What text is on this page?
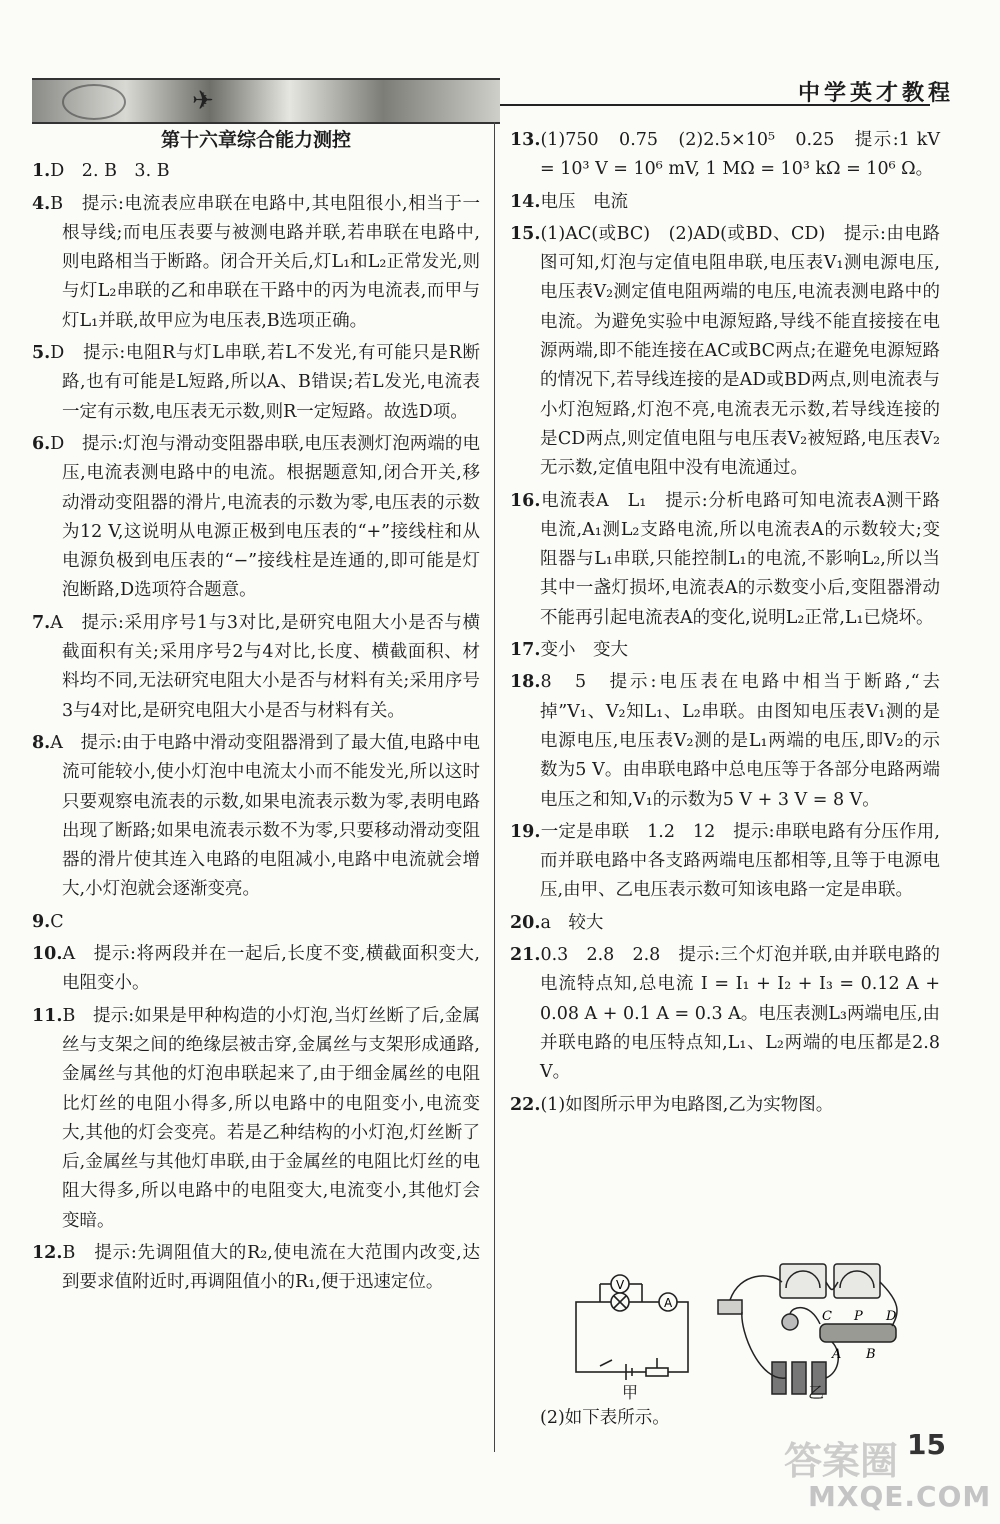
✈	中学英才教程
第十六章综合能力测控
1.D　2. B　3. B
4.B　提示:电流表应串联在电路中,其电阻很小,相当于一根导线;而电压表要与被测电路并联,若串联在电路中,则电路相当于断路。闭合开关后,灯L₁和L₂正常发光,则与灯L₂串联的乙和串联在干路中的丙为电流表,而甲与灯L₁并联,故甲应为电压表,B选项正确。
5.D　提示:电阻R与灯L串联,若L不发光,有可能只是R断路,也有可能是L短路,所以A、B错误;若L发光,电流表一定有示数,电压表无示数,则R一定短路。故选D项。
6.D　提示:灯泡与滑动变阻器串联,电压表测灯泡两端的电压,电流表测电路中的电流。根据题意知,闭合开关,移动滑动变阻器的滑片,电流表的示数为零,电压表的示数为12 V,这说明从电源正极到电压表的“+”接线柱和从电源负极到电压表的“−”接线柱是连通的,即可能是灯泡断路,D选项符合题意。
7.A　提示:采用序号1与3对比,是研究电阻大小是否与横截面积有关;采用序号2与4对比,长度、横截面积、材料均不同,无法研究电阻大小是否与材料有关;采用序号3与4对比,是研究电阻大小是否与材料有关。
8.A　提示:由于电路中滑动变阻器滑到了最大值,电路中电流可能较小,使小灯泡中电流太小而不能发光,所以这时只要观察电流表的示数,如果电流表示数为零,表明电路出现了断路;如果电流表示数不为零,只要移动滑动变阻器的滑片使其连入电路的电阻减小,电路中电流就会增大,小灯泡就会逐渐变亮。
9.C
10.A　提示:将两段并在一起后,长度不变,横截面积变大,电阻变小。
11.B　提示:如果是甲种构造的小灯泡,当灯丝断了后,金属丝与支架之间的绝缘层被击穿,金属丝与支架形成通路,金属丝与其他的灯泡串联起来了,由于细金属丝的电阻比灯丝的电阻小得多,所以电路中的电阻变小,电流变大,其他的灯会变亮。若是乙种结构的小灯泡,灯丝断了后,金属丝与其他灯串联,由于金属丝的电阻比灯丝的电阻大得多,所以电路中的电阻变大,电流变小,其他灯会变暗。
12.B　提示:先调阻值大的R₂,使电流在大范围内改变,达到要求值附近时,再调阻值小的R₁,便于迅速定位。
13.(1)750　0.75　(2)2.5×10⁵　0.25　提示:1 kV = 10³ V = 10⁶ mV, 1 MΩ = 10³ kΩ = 10⁶ Ω。
14.电压　电流
15.(1)AC(或BC)　(2)AD(或BD、CD)　提示:由电路图可知,灯泡与定值电阻串联,电压表V₁测电源电压,电压表V₂测定值电阻两端的电压,电流表测电路中的电流。为避免实验中电源短路,导线不能直接接在电源两端,即不能连接在AC或BC两点;在避免电源短路的情况下,若导线连接的是AD或BD两点,则电流表与小灯泡短路,灯泡不亮,电流表无示数,若导线连接的是CD两点,则定值电阻与电压表V₂被短路,电压表V₂无示数,定值电阻中没有电流通过。
16.电流表A　L₁　提示:分析电路可知电流表A测干路电流,A₁测L₂支路电流,所以电流表A的示数较大;变阻器与L₁串联,只能控制L₁的电流,不影响L₂,所以当其中一盏灯损坏,电流表A的示数变小后,变阻器滑动不能再引起电流表A的变化,说明L₂正常,L₁已烧坏。
17.变小　变大
18.8　5　提示:电压表在电路中相当于断路,“去掉”V₁、V₂知L₁、L₂串联。由图知电压表V₁测的是电源电压,电压表V₂测的是L₁两端的电压,即V₂的示数为5 V。由串联电路中总电压等于各部分电路两端电压之和知,V₁的示数为5 V + 3 V = 8 V。
19.一定是串联　1.2　12　提示:串联电路有分压作用,而并联电路中各支路两端电压都相等,且等于电源电压,由甲、乙电压表示数可知该电路一定是串联。
20.a　较大
21.0.3　2.8　2.8　提示:三个灯泡并联,由并联电路的电流特点知,总电流 I = I₁ + I₂ + I₃ = 0.12 A + 0.08 A + 0.1 A = 0.3 A。电压表测L₃两端电压,由并联电路的电压特点知,L₁、L₂两端的电压都是2.8 V。
22.(1)如图所示甲为电路图,乙为实物图。
V
A
C P D
A B
甲	乙
(2)如下表所示。
答案圈
MXQE.COM
15
